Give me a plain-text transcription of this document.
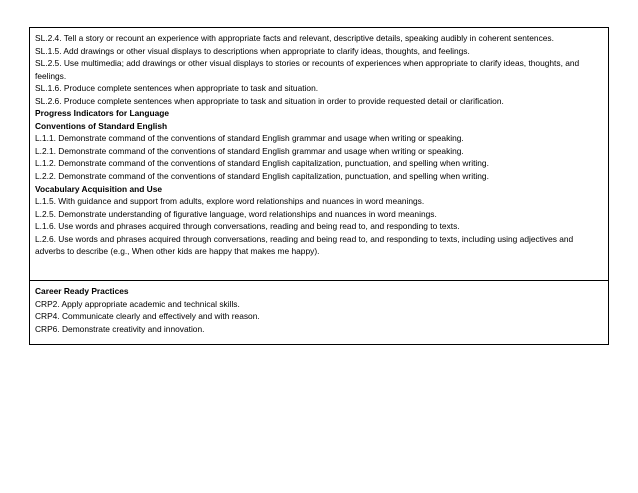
SL.2.4. Tell a story or recount an experience with appropriate facts and relevant, descriptive details, speaking audibly in coherent sentences.
SL.1.5. Add drawings or other visual displays to descriptions when appropriate to clarify ideas, thoughts, and feelings.
SL.2.5. Use multimedia; add drawings or other visual displays to stories or recounts of experiences when appropriate to clarify ideas, thoughts, and feelings.
SL.1.6. Produce complete sentences when appropriate to task and situation.
SL.2.6. Produce complete sentences when appropriate to task and situation in order to provide requested detail or clarification.
Progress Indicators for Language
Conventions of Standard English
L.1.1. Demonstrate command of the conventions of standard English grammar and usage when writing or speaking.
L.2.1. Demonstrate command of the conventions of standard English grammar and usage when writing or speaking.
L.1.2. Demonstrate command of the conventions of standard English capitalization, punctuation, and spelling when writing.
L.2.2. Demonstrate command of the conventions of standard English capitalization, punctuation, and spelling when writing.
Vocabulary Acquisition and Use
L.1.5. With guidance and support from adults, explore word relationships and nuances in word meanings.
L.2.5. Demonstrate understanding of figurative language, word relationships and nuances in word meanings.
L.1.6. Use words and phrases acquired through conversations, reading and being read to, and responding to texts.
L.2.6. Use words and phrases acquired through conversations, reading and being read to, and responding to texts, including using adjectives and adverbs to describe (e.g., When other kids are happy that makes me happy).
Career Ready Practices
CRP2. Apply appropriate academic and technical skills.
CRP4. Communicate clearly and effectively and with reason.
CRP6. Demonstrate creativity and innovation.
